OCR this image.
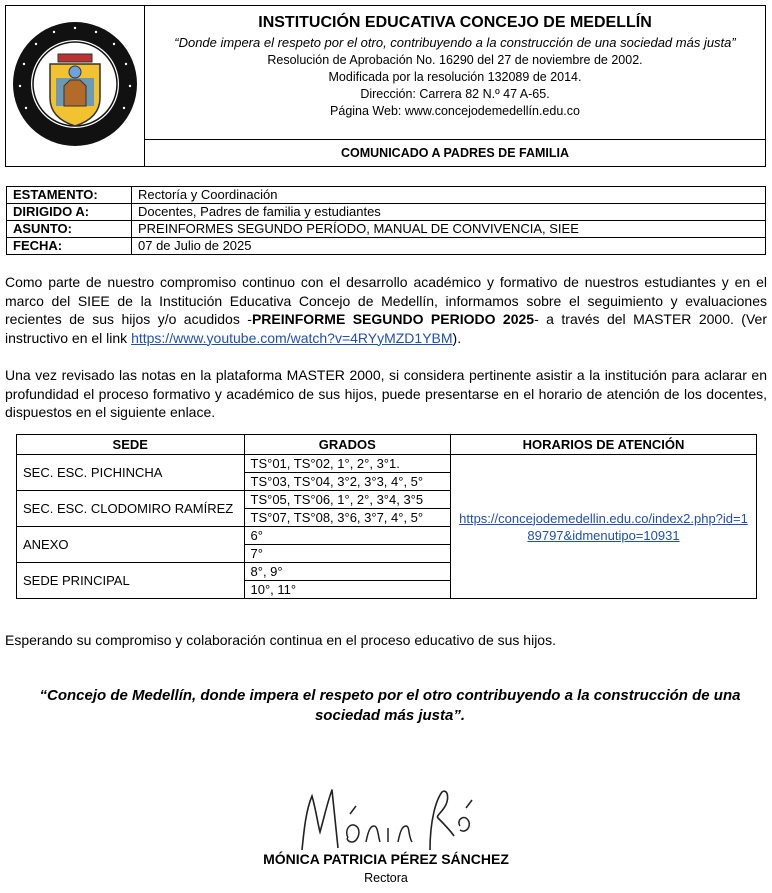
INSTITUCIÓN EDUCATIVA CONCEJO DE MEDELLÍN
“Donde impera el respeto por el otro, contribuyendo a la construcción de una sociedad más justa”
Resolución de Aprobación No. 16290 del 27 de noviembre de 2002.
Modificada por la resolución 132089 de 2014.
Dirección: Carrera 82 N.º 47 A-65.
Página Web: www.concejodemedellín.edu.co
COMUNICADO A PADRES DE FAMILIA
ESTAMENTO:	Rectoría y Coordinación
DIRIGIDO A:	Docentes, Padres de familia y estudiantes
ASUNTO:	PREINFORMES SEGUNDO PERÍODO, MANUAL DE CONVIVENCIA, SIEE
FECHA:	07 de Julio de 2025
Como parte de nuestro compromiso continuo con el desarrollo académico y formativo de nuestros estudiantes y en el marco del SIEE de la Institución Educativa Concejo de Medellín, informamos sobre el seguimiento y evaluaciones recientes de sus hijos y/o acudidos -PREINFORME SEGUNDO PERIODO 2025- a través del MASTER 2000. (Ver instructivo en el link https://www.youtube.com/watch?v=4RYyMZD1YBM).
Una vez revisado las notas en la plataforma MASTER 2000, si considera pertinente asistir a la institución para aclarar en profundidad el proceso formativo y académico de sus hijos, puede presentarse en el horario de atención de los docentes, dispuestos en el siguiente enlace.
SEDE	GRADOS	HORARIOS DE ATENCIÓN
SEC. ESC. PICHINCHA	TS°01, TS°02, 1°, 2°, 3°1.	https://concejodemedellin.edu.co/index2.php?id=189797&idmenutipo=10931
	TS°03, TS°04, 3°2, 3°3, 4°, 5°	
SEC. ESC. CLODOMIRO RAMÍREZ	TS°05, TS°06, 1°, 2°, 3°4, 3°5	
	TS°07, TS°08, 3°6, 3°7, 4°, 5°	
ANEXO	6°	
	7°	
SEDE PRINCIPAL	8°, 9°	
	10°, 11°	
Esperando su compromiso y colaboración continua en el proceso educativo de sus hijos.
“Concejo de Medellín, donde impera el respeto por el otro contribuyendo a la construcción de una sociedad más justa”.
MÓNICA PATRICIA PÉREZ SÁNCHEZ
Rectora
